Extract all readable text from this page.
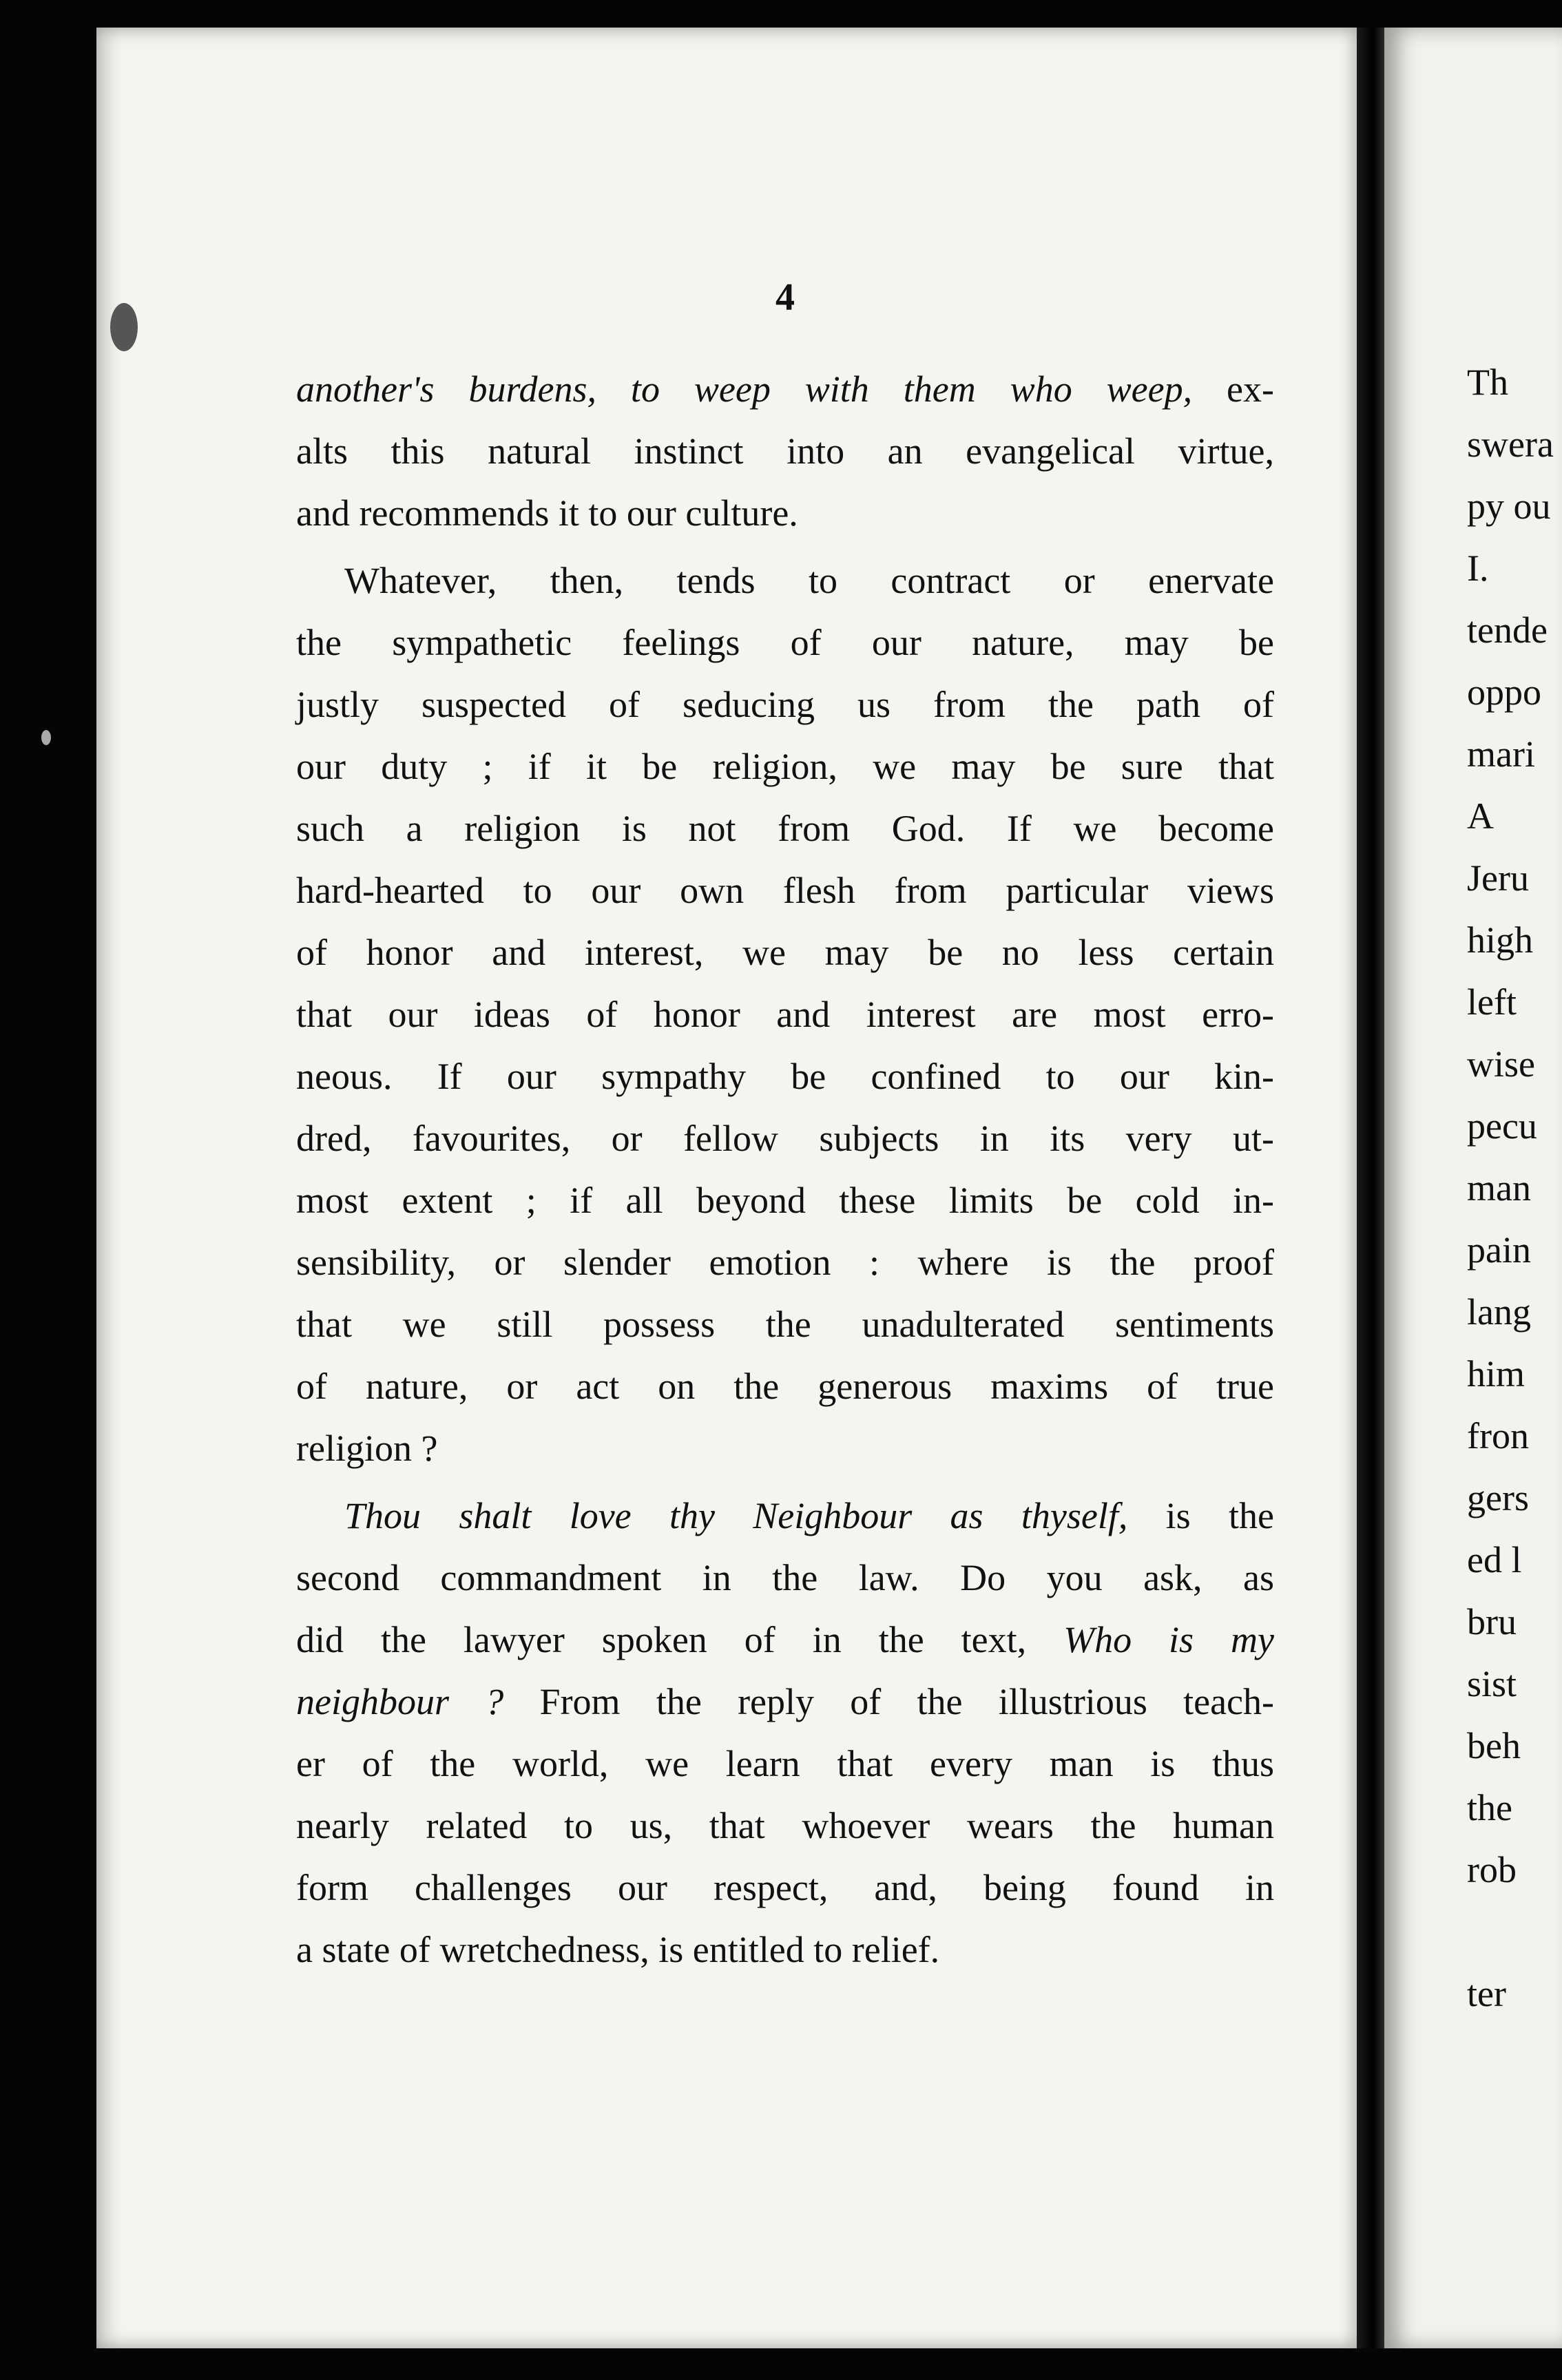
4
another's burdens, to weep with them who weep, ex-
alts this natural instinct into an evangelical virtue,
and recommends it to our culture.
Whatever, then, tends to contract or enervate
the sympathetic feelings of our nature, may be
justly suspected of seducing us from the path of
our duty ; if it be religion, we may be sure that
such a religion is not from God. If we become
hard-hearted to our own flesh from particular views
of honor and interest, we may be no less certain
that our ideas of honor and interest are most erro-
neous. If our sympathy be confined to our kin-
dred, favourites, or fellow subjects in its very ut-
most extent ; if all beyond these limits be cold in-
sensibility, or slender emotion : where is the proof
that we still possess the unadulterated sentiments
of nature, or act on the generous maxims of true
religion ?
Thou shalt love thy Neighbour as thyself, is the
second commandment in the law. Do you ask, as
did the lawyer spoken of in the text, Who is my
neighbour ? From the reply of the illustrious teach-
er of the world, we learn that every man is thus
nearly related to us, that whoever wears the human
form challenges our respect, and, being found in
a state of wretchedness, is entitled to relief.
Th
swera
py ou
I.
tende
oppo
mari
A
Jeru
high
left
wise
pecu
man
pain
lang
him
fron
gers
ed l
bru
sist
beh
the
rob

ter
